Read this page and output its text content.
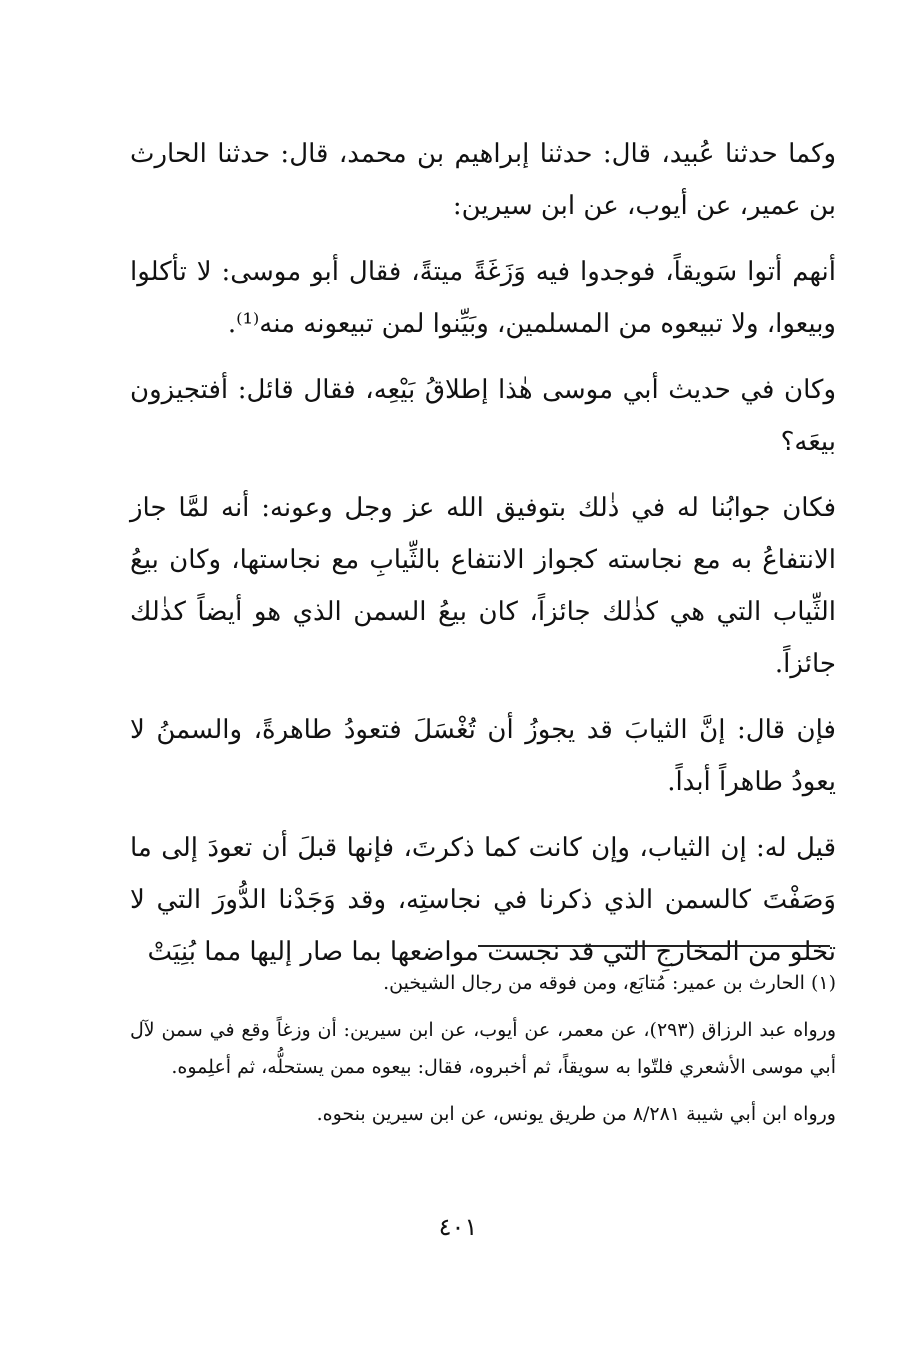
وكما حدثنا عُبيد، قال: حدثنا إبراهيم بن محمد، قال: حدثنا الحارث بن عمير، عن أيوب، عن ابن سيرين:

أنهم أتوا سَويقاً، فوجدوا فيه وَزَغَةً ميتةً، فقال أبو موسى: لا تأكلوا وبيعوا، ولا تبيعوه من المسلمين، وبَيِّنوا لمن تبيعونه منه⁽¹⁾.

وكان في حديث أبي موسى هٰذا إطلاقُ بَيْعِه، فقال قائل: أفتجيزون بيعَه؟

فكان جوابُنا له في ذٰلك بتوفيق الله عز وجل وعونه: أنه لمَّا جاز الانتفاعُ به مع نجاسته كجواز الانتفاع بالثِّيابِ مع نجاستها، وكان بيعُ الثِّياب التي هي كذٰلك جائزاً، كان بيعُ السمن الذي هو أيضاً كذٰلك جائزاً.

فإن قال: إنَّ الثيابَ قد يجوزُ أن تُغْسَلَ فتعودُ طاهرةً، والسمنُ لا يعودُ طاهراً أبداً.

قيل له: إن الثياب، وإن كانت كما ذكرتَ، فإنها قبلَ أن تعودَ إلى ما وَصَفْتَ كالسمن الذي ذكرنا في نجاستِه، وقد وَجَدْنا الدُّورَ التي لا تخلو من المخارجِ التي قد نجست مواضعها بما صار إليها مما بُنِيَتْ

(١) الحارث بن عمير: مُتابَع، ومن فوقه من رجال الشيخين.

ورواه عبد الرزاق (٢٩٣)، عن معمر، عن أيوب، عن ابن سيرين: أن وزغاً وقع في سمن لآل أبي موسى الأشعري فلتّوا به سويقاً، ثم أخبروه، فقال: بيعوه ممن يستحلُّه، ثم أعلِموه.

ورواه ابن أبي شيبة ٨/٢٨١ من طريق يونس، عن ابن سيرين بنحوه.

٤٠١
